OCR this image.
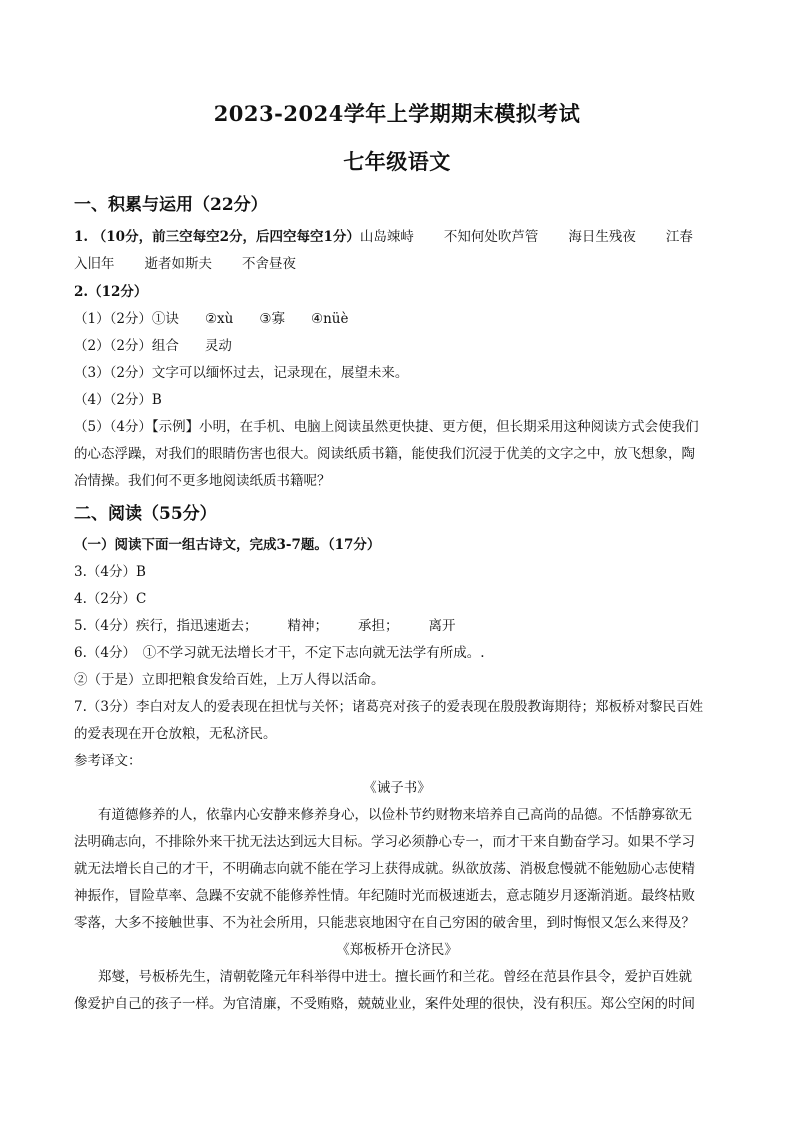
2023-2024学年上学期期末模拟考试
七年级语文
一、积累与运用（22分）
1. （10分，前三空每空2分，后四空每空1分）山岛竦峙 不知何处吹芦管 海日生残夜 江春
入旧年 逝者如斯夫 不舍昼夜
2.（12分）
（1）（2分）①诀 ②xù ③寡 ④nüè
（2）（2分）组合 灵动
（3）（2分）文字可以缅怀过去，记录现在，展望未来。
（4）（2分）B
（5）（4分）【示例】小明，在手机、电脑上阅读虽然更快捷、更方便，但长期采用这种阅读方式会使我们
的心态浮躁，对我们的眼睛伤害也很大。阅读纸质书籍，能使我们沉浸于优美的文字之中，放飞想象，陶
冶情操。我们何不更多地阅读纸质书籍呢？
二、阅读（55分）
（一）阅读下面一组古诗文，完成3-7题。（17分）
3.（4分）B
4.（2分）C
5.（4分）疾行，指迅速逝去； 精神； 承担； 离开
6.（4分）　①不学习就无法增长才干，不定下志向就无法学有所成。.
②（于是）立即把粮食发给百姓，上万人得以活命。
7.（3分）李白对友人的爱表现在担忧与关怀；诸葛亮对孩子的爱表现在殷殷教诲期待；郑板桥对黎民百姓
的爱表现在开仓放粮，无私济民。
参考译文：
《诫子书》
有道德修养的人，依靠内心安静来修养身心，以俭朴节约财物来培养自己高尚的品德。不恬静寡欲无
法明确志向，不排除外来干扰无法达到远大目标。学习必须静心专一，而才干来自勤奋学习。如果不学习
就无法增长自己的才干，不明确志向就不能在学习上获得成就。纵欲放荡、消极怠慢就不能勉励心志使精
神振作，冒险草率、急躁不安就不能修养性情。年纪随时光而极速逝去，意志随岁月逐渐消逝。最终枯败
零落，大多不接触世事、不为社会所用，只能悲哀地困守在自己穷困的破舍里，到时悔恨又怎么来得及？
《郑板桥开仓济民》
郑燮，号板桥先生，清朝乾隆元年科举得中进士。擅长画竹和兰花。曾经在范县作县令，爱护百姓就
像爱护自己的孩子一样。为官清廉，不受贿赂，兢兢业业，案件处理的很快，没有积压。郑公空闲的时间
